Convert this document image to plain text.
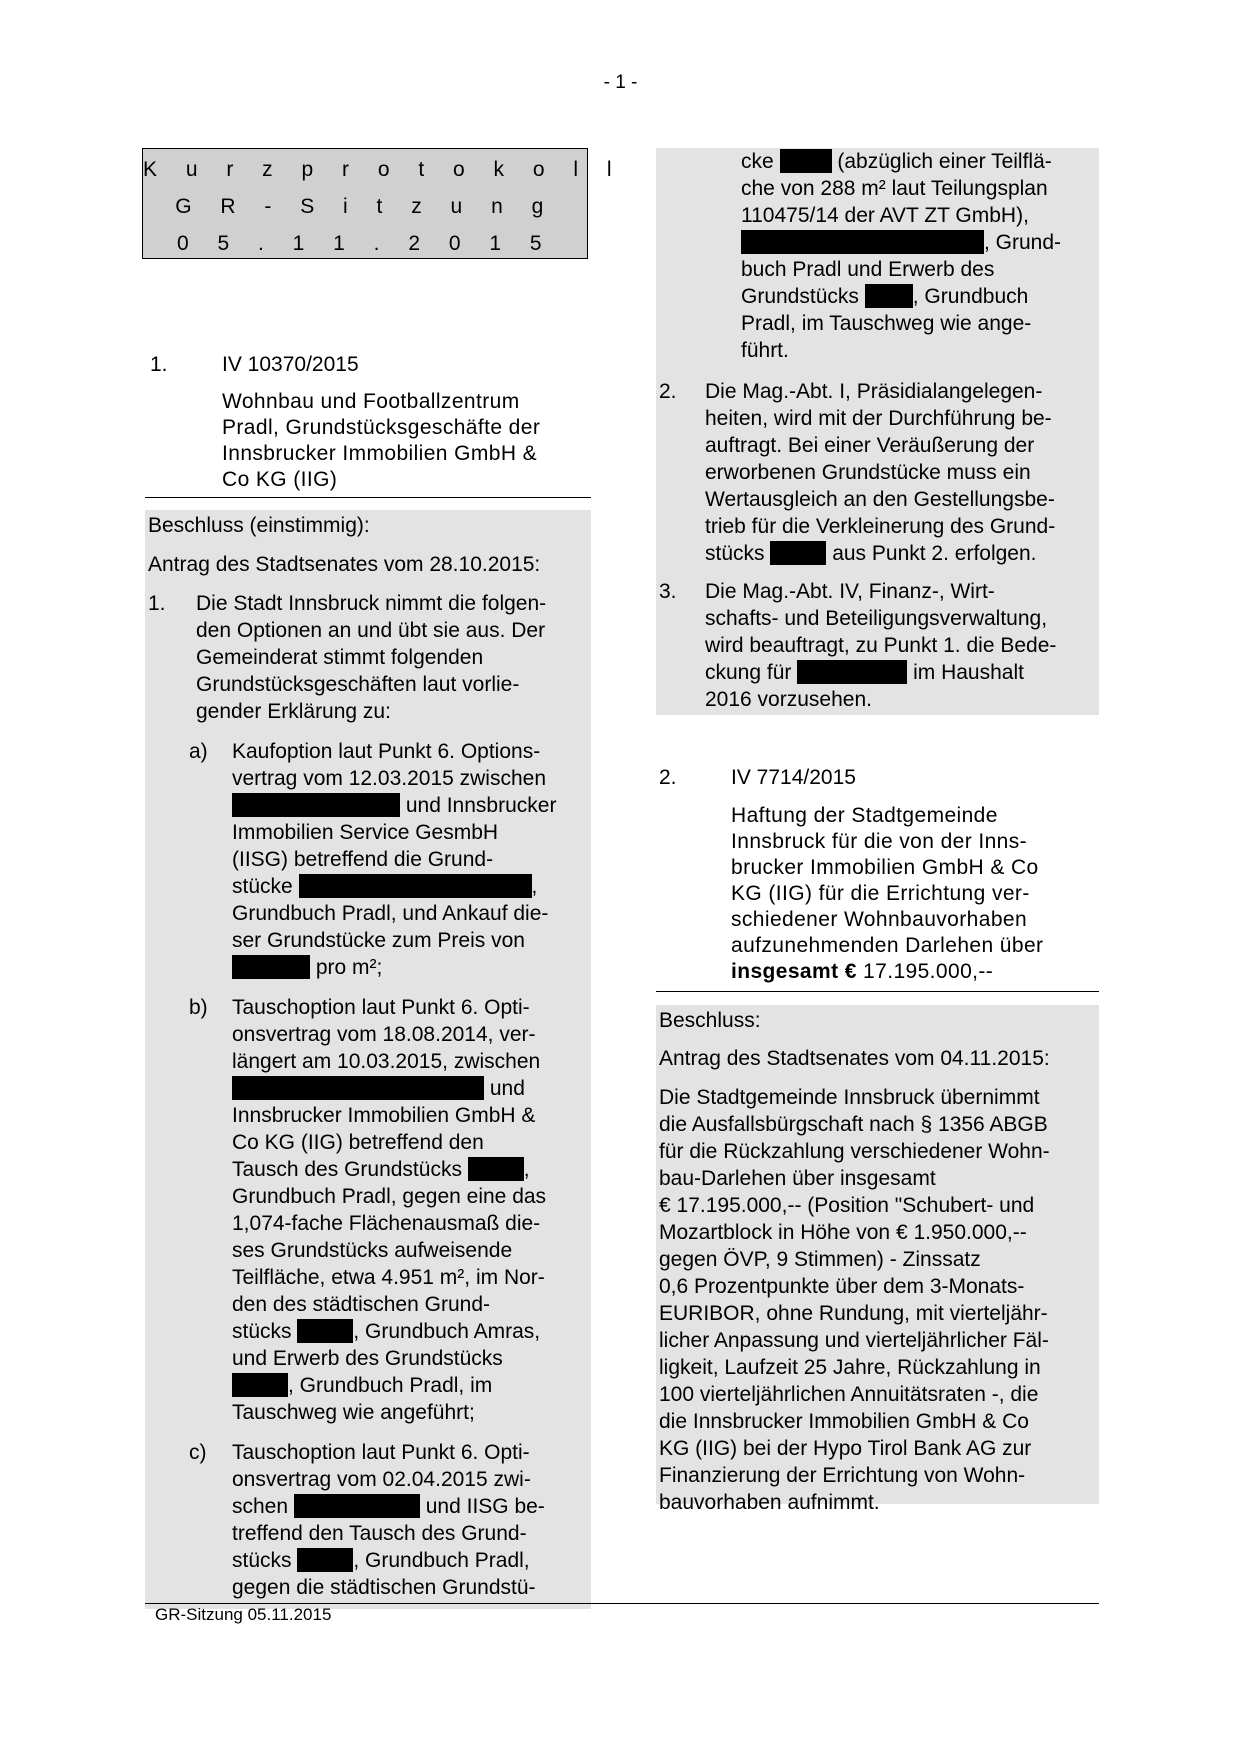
- 1 -
K u r z p r o t o k o l l
G R - S i t z u n g
0 5 . 1 1 . 2 0 1 5
1.	IV 10370/2015
Wohnbau und Footballzentrum
Pradl, Grundstücksgeschäfte der
Innsbrucker Immobilien GmbH &
Co KG (IIG)
Beschluss (einstimmig):
Antrag des Stadtsenates vom 28.10.2015:
1. Die Stadt Innsbruck nimmt die folgen-
den Optionen an und übt sie aus. Der
Gemeinderat stimmt folgenden
Grundstücksgeschäften laut vorlie-
gender Erklärung zu:
a) Kaufoption laut Punkt 6. Options-
vertrag vom 12.03.2015 zwischen
und Innsbrucker
Immobilien Service GesmbH
(IISG) betreffend die Grund-
stücke	,
Grundbuch Pradl, und Ankauf die-
ser Grundstücke zum Preis von
pro m²;
b) Tauschoption laut Punkt 6. Opti-
onsvertrag vom 18.08.2014, ver-
längert am 10.03.2015, zwischen
und
Innsbrucker Immobilien GmbH &
Co KG (IIG) betreffend den
Tausch des Grundstücks	,
Grundbuch Pradl, gegen eine das
1,074-fache Flächenausmaß die-
ses Grundstücks aufweisende
Teilfläche, etwa 4.951 m², im Nor-
den des städtischen Grund-
stücks	, Grundbuch Amras,
und Erwerb des Grundstücks
, Grundbuch Pradl, im
Tauschweg wie angeführt;
c) Tauschoption laut Punkt 6. Opti-
onsvertrag vom 02.04.2015 zwi-
schen	und IISG be-
treffend den Tausch des Grund-
stücks	, Grundbuch Pradl,
gegen die städtischen Grundstü-
cke	(abzüglich einer Teilflä-
che von 288 m² laut Teilungsplan
110475/14 der AVT ZT GmbH),
, Grund-
buch Pradl und Erwerb des
Grundstücks	, Grundbuch
Pradl, im Tauschweg wie ange-
führt.
2. Die Mag.-Abt. I, Präsidialangelegen-
heiten, wird mit der Durchführung be-
auftragt. Bei einer Veräußerung der
erworbenen Grundstücke muss ein
Wertausgleich an den Gestellungsbe-
trieb für die Verkleinerung des Grund-
stücks	aus Punkt 2. erfolgen.
3. Die Mag.-Abt. IV, Finanz-, Wirt-
schafts- und Beteiligungsverwaltung,
wird beauftragt, zu Punkt 1. die Bede-
ckung für	im Haushalt
2016 vorzusehen.
2.	IV 7714/2015
Haftung der Stadtgemeinde
Innsbruck für die von der Inns-
brucker Immobilien GmbH & Co
KG (IIG) für die Errichtung ver-
schiedener Wohnbauvorhaben
aufzunehmenden Darlehen über
insgesamt € 17.195.000,--
Beschluss:
Antrag des Stadtsenates vom 04.11.2015:
Die Stadtgemeinde Innsbruck übernimmt
die Ausfallsbürgschaft nach § 1356 ABGB
für die Rückzahlung verschiedener Wohn-
bau-Darlehen über insgesamt
€ 17.195.000,-- (Position "Schubert- und
Mozartblock in Höhe von € 1.950.000,--
gegen ÖVP, 9 Stimmen) - Zinssatz
0,6 Prozentpunkte über dem 3-Monats-
EURIBOR, ohne Rundung, mit vierteljähr-
licher Anpassung und vierteljährlicher Fäl-
ligkeit, Laufzeit 25 Jahre, Rückzahlung in
100 vierteljährlichen Annuitätsraten -, die
die Innsbrucker Immobilien GmbH & Co
KG (IIG) bei der Hypo Tirol Bank AG zur
Finanzierung der Errichtung von Wohn-
bauvorhaben aufnimmt.
GR-Sitzung 05.11.2015
